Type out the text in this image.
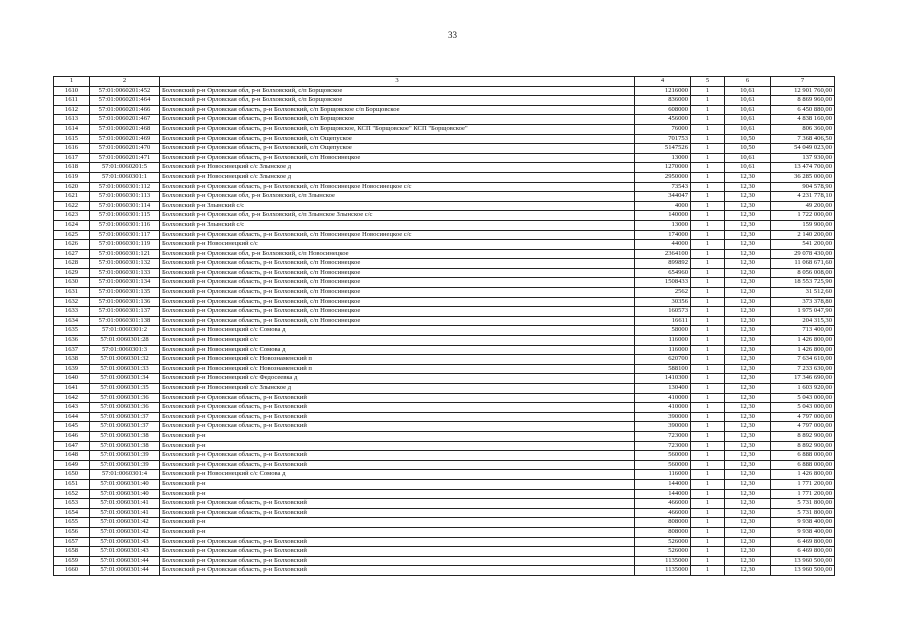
33
1	2	3	4	5	6	7
1610	57:01:0060201:452	Болховский р-н Орловская обл, р-н Болховский, с/п Борщовское	1216000	1	10,61	12 901 760,00
1611	57:01:0060201:464	Болховский р-н Орловская обл, р-н Болховский, с/п Борщовское	836000	1	10,61	8 869 960,00
1612	57:01:0060201:466	Болховский р-н Орловская область, р-н Болховский, с/п Борщовское с/п Борщовское	608000	1	10,61	6 450 880,00
1613	57:01:0060201:467	Болховский р-н Орловская область, р-н Болховский, с/п Борщовское	456000	1	10,61	4 838 160,00
1614	57:01:0060201:468	Болховский р-н Орловская область, р-н Болховский, с/п Борщовское, КСП "Борщовское" КСП "Борщовское"	76000	1	10,61	806 360,00
1615	57:01:0060201:469	Болховский р-н Орловская область, р-н Болховский, с/п Ощепуское	701753	1	10,50	7 368 406,50
1616	57:01:0060201:470	Болховский р-н Орловская область, р-н Болховский, с/п Ощепуское	5147526	1	10,50	54 049 023,00
1617	57:01:0060201:471	Болховский р-н Орловская область, р-н Болховский, с/п Новосинецкое	13000	1	10,61	137 930,00
1618	57:01:0060201:5	Болховский р-н Новосинецкий с/с Злынское д	1270000	1	10,61	13 474 700,00
1619	57:01:0060301:1	Болховский р-н Новосинецкий с/с Злынское д	2950000	1	12,30	36 285 000,00
1620	57:01:0060301:112	Болховский р-н Орловская область, р-н Болховский, с/п Новосинецкое Новосинецкое с/с	73543	1	12,30	904 578,90
1621	57:01:0060301:113	Болховский р-н Орловская обл, р-н Болховский, с/п Злынское	344047	1	12,30	4 231 778,10
1622	57:01:0060301:114	Болховский р-н Злынский с/с	4000	1	12,30	49 200,00
1623	57:01:0060301:115	Болховский р-н Орловская обл, р-н Болховский, с/п Злынское Злынское с/с	140000	1	12,30	1 722 000,00
1624	57:01:0060301:116	Болховский р-н Злынский с/с	13000	1	12,30	159 900,00
1625	57:01:0060301:117	Болховский р-н Орловская область, р-н Болховский, с/п Новосинецкое Новосинецкое с/с	174000	1	12,30	2 140 200,00
1626	57:01:0060301:119	Болховский р-н Новосинецкий с/с	44000	1	12,30	541 200,00
1627	57:01:0060301:121	Болховский р-н Орловская обл, р-н Болховский, с/п Новосинецкое	2364100	1	12,30	29 078 430,00
1628	57:01:0060301:132	Болховский р-н Орловская область, р-н Болховский, с/п Новосинецкое	899892	1	12,30	11 068 671,60
1629	57:01:0060301:133	Болховский р-н Орловская область, р-н Болховский, с/п Новосинецкое	654960	1	12,30	8 056 008,00
1630	57:01:0060301:134	Болховский р-н Орловская область, р-н Болховский, с/п Новосинецкое	1508433	1	12,30	18 553 725,90
1631	57:01:0060301:135	Болховский р-н Орловская область, р-н Болховский, с/п Новосинецкое	2562	1	12,30	31 512,60
1632	57:01:0060301:136	Болховский р-н Орловская область, р-н Болховский, с/п Новосинецкое	30356	1	12,30	373 378,80
1633	57:01:0060301:137	Болховский р-н Орловская область, р-н Болховский, с/п Новосинецкое	160573	1	12,30	1 975 047,90
1634	57:01:0060301:138	Болховский р-н Орловская область, р-н Болховский, с/п Новосинецкое	16611	1	12,30	204 315,30
1635	57:01:0060301:2	Болховский р-н Новосинецкий с/с Сомова д	58000	1	12,30	713 400,00
1636	57:01:0060301:28	Болховский р-н Новосинецкий с/с	116000	1	12,30	1 426 800,00
1637	57:01:0060301:3	Болховский р-н Новосинецкий с/с Сомова д	116000	1	12,30	1 426 800,00
1638	57:01:0060301:32	Болховский р-н Новосинецкий с/с Новознаменский п	620700	1	12,30	7 634 610,00
1639	57:01:0060301:33	Болховский р-н Новосинецкий с/с Новознаменский п	588100	1	12,30	7 233 630,00
1640	57:01:0060301:34	Болховский р-н Новосинецкий с/с Федосеевка д	1410300	1	12,30	17 346 690,00
1641	57:01:0060301:35	Болховский р-н Новосинецкий с/с Злынское д	130400	1	12,30	1 603 920,00
1642	57:01:0060301:36	Болховский р-н Орловская область, р-н Болховский	410000	1	12,30	5 043 000,00
1643	57:01:0060301:36	Болховский р-н Орловская область, р-н Болховский	410000	1	12,30	5 043 000,00
1644	57:01:0060301:37	Болховский р-н Орловская область, р-н Болховский	390000	1	12,30	4 797 000,00
1645	57:01:0060301:37	Болховский р-н Орловская область, р-н Болховский	390000	1	12,30	4 797 000,00
1646	57:01:0060301:38	Болховский р-н	723000	1	12,30	8 892 900,00
1647	57:01:0060301:38	Болховский р-н	723000	1	12,30	8 892 900,00
1648	57:01:0060301:39	Болховский р-н Орловская область, р-н Болховский	560000	1	12,30	6 888 000,00
1649	57:01:0060301:39	Болховский р-н Орловская область, р-н Болховский	560000	1	12,30	6 888 000,00
1650	57:01:0060301:4	Болховский р-н Новосинецкий с/с Сомова д	116000	1	12,30	1 426 800,00
1651	57:01:0060301:40	Болховский р-н	144000	1	12,30	1 771 200,00
1652	57:01:0060301:40	Болховский р-н	144000	1	12,30	1 771 200,00
1653	57:01:0060301:41	Болховский р-н Орловская область, р-н Болховский	466000	1	12,30	5 731 800,00
1654	57:01:0060301:41	Болховский р-н Орловская область, р-н Болховский	466000	1	12,30	5 731 800,00
1655	57:01:0060301:42	Болховский р-н	808000	1	12,30	9 938 400,00
1656	57:01:0060301:42	Болховский р-н	808000	1	12,30	9 938 400,00
1657	57:01:0060301:43	Болховский р-н Орловская область, р-н Болховский	526000	1	12,30	6 469 800,00
1658	57:01:0060301:43	Болховский р-н Орловская область, р-н Болховский	526000	1	12,30	6 469 800,00
1659	57:01:0060301:44	Болховский р-н Орловская область, р-н Болховский	1135000	1	12,30	13 960 500,00
1660	57:01:0060301:44	Болховский р-н Орловская область, р-н Болховский	1135000	1	12,30	13 960 500,00
